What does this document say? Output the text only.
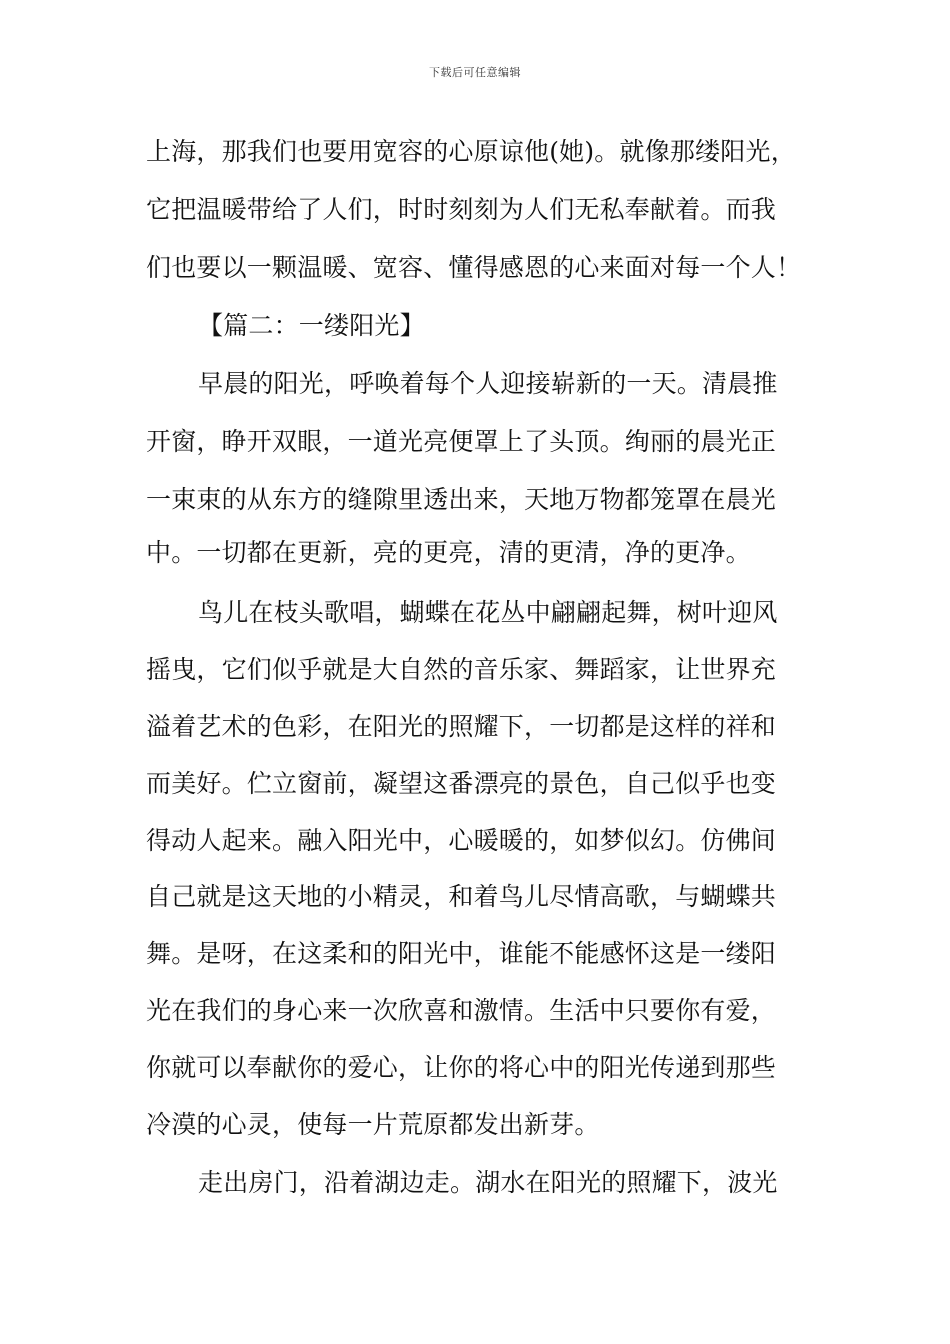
下载后可任意编辑
上海，那我们也要用宽容的心原谅他(她)。就像那缕阳光，
它把温暖带给了人们，时时刻刻为人们无私奉献着。而我
们也要以一颗温暖、宽容、懂得感恩的心来面对每一个人！
【篇二：一缕阳光】
早晨的阳光，呼唤着每个人迎接崭新的一天。清晨推
开窗，睁开双眼，一道光亮便罩上了头顶。绚丽的晨光正
一束束的从东方的缝隙里透出来，天地万物都笼罩在晨光
中。一切都在更新，亮的更亮，清的更清，净的更净。
鸟儿在枝头歌唱，蝴蝶在花丛中翩翩起舞，树叶迎风
摇曳，它们似乎就是大自然的音乐家、舞蹈家，让世界充
溢着艺术的色彩，在阳光的照耀下，一切都是这样的祥和
而美好。伫立窗前，凝望这番漂亮的景色，自己似乎也变
得动人起来。融入阳光中，心暖暖的，如梦似幻。仿佛间
自己就是这天地的小精灵，和着鸟儿尽情高歌，与蝴蝶共
舞。是呀，在这柔和的阳光中，谁能不能感怀这是一缕阳
光在我们的身心来一次欣喜和激情。生活中只要你有爱，
你就可以奉献你的爱心，让你的将心中的阳光传递到那些
冷漠的心灵，使每一片荒原都发出新芽。
走出房门，沿着湖边走。湖水在阳光的照耀下，波光
